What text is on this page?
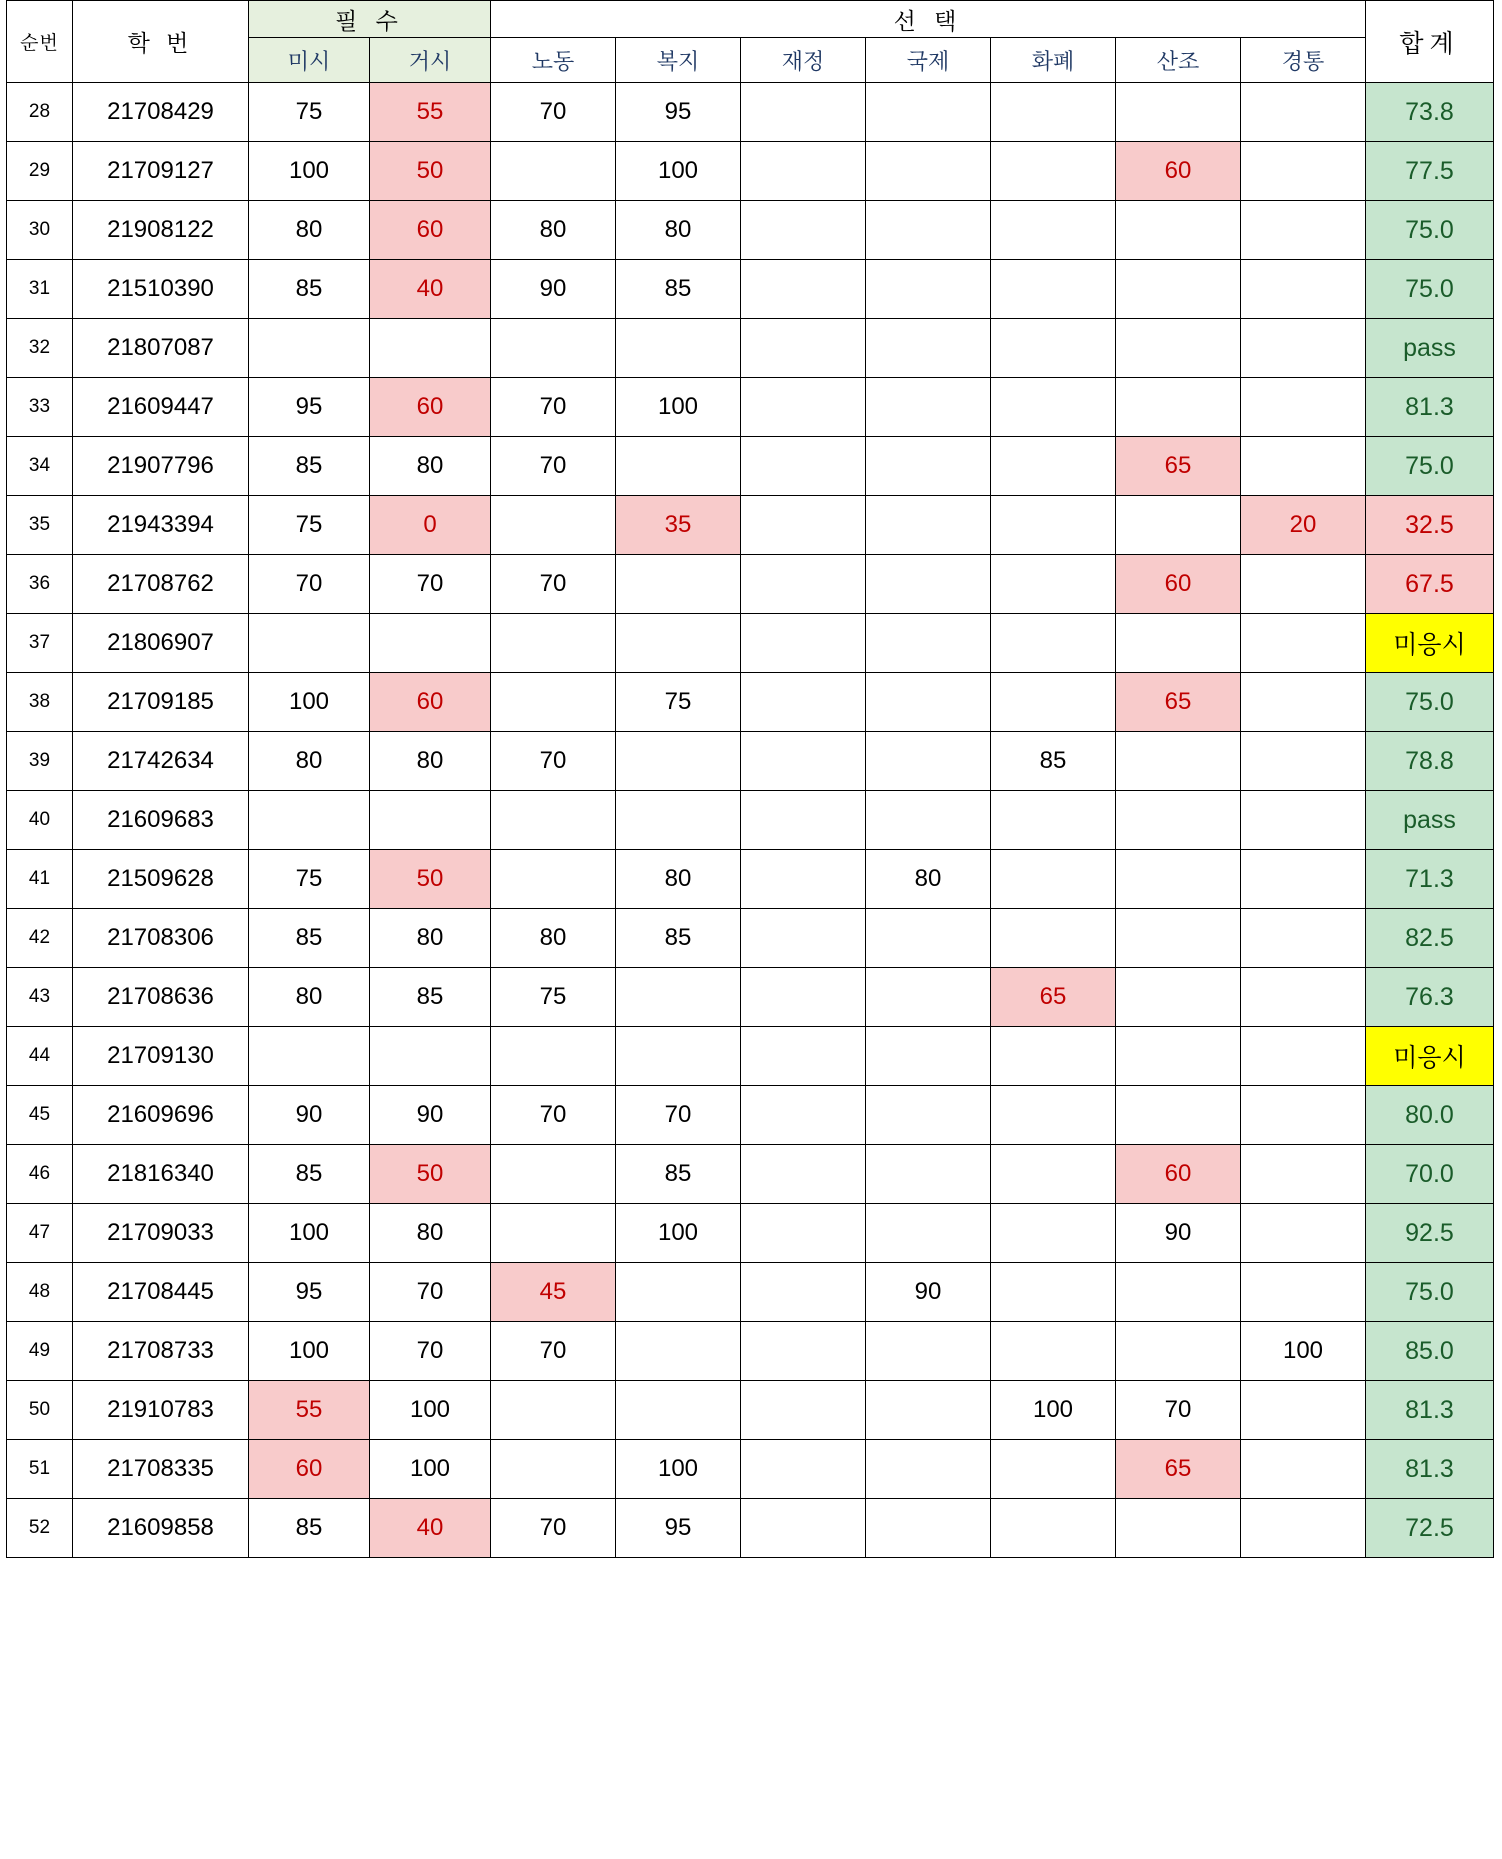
순번	학 번	필 수		선 택							합계
		미시	거시	노동	복지	재정	국제	화폐	산조	경통	
28	21708429	75	55	70	95						73.8
29	21709127	100	50		100				60		77.5
30	21908122	80	60	80	80						75.0
31	21510390	85	40	90	85						75.0
32	21807087										pass
33	21609447	95	60	70	100						81.3
34	21907796	85	80	70					65		75.0
35	21943394	75	0		35					20	32.5
36	21708762	70	70	70					60		67.5
37	21806907										미응시
38	21709185	100	60		75				65		75.0
39	21742634	80	80	70				85			78.8
40	21609683										pass
41	21509628	75	50		80		80				71.3
42	21708306	85	80	80	85						82.5
43	21708636	80	85	75				65			76.3
44	21709130										미응시
45	21609696	90	90	70	70						80.0
46	21816340	85	50		85				60		70.0
47	21709033	100	80		100				90		92.5
48	21708445	95	70	45			90				75.0
49	21708733	100	70	70						100	85.0
50	21910783	55	100					100	70		81.3
51	21708335	60	100		100				65		81.3
52	21609858	85	40	70	95						72.5
